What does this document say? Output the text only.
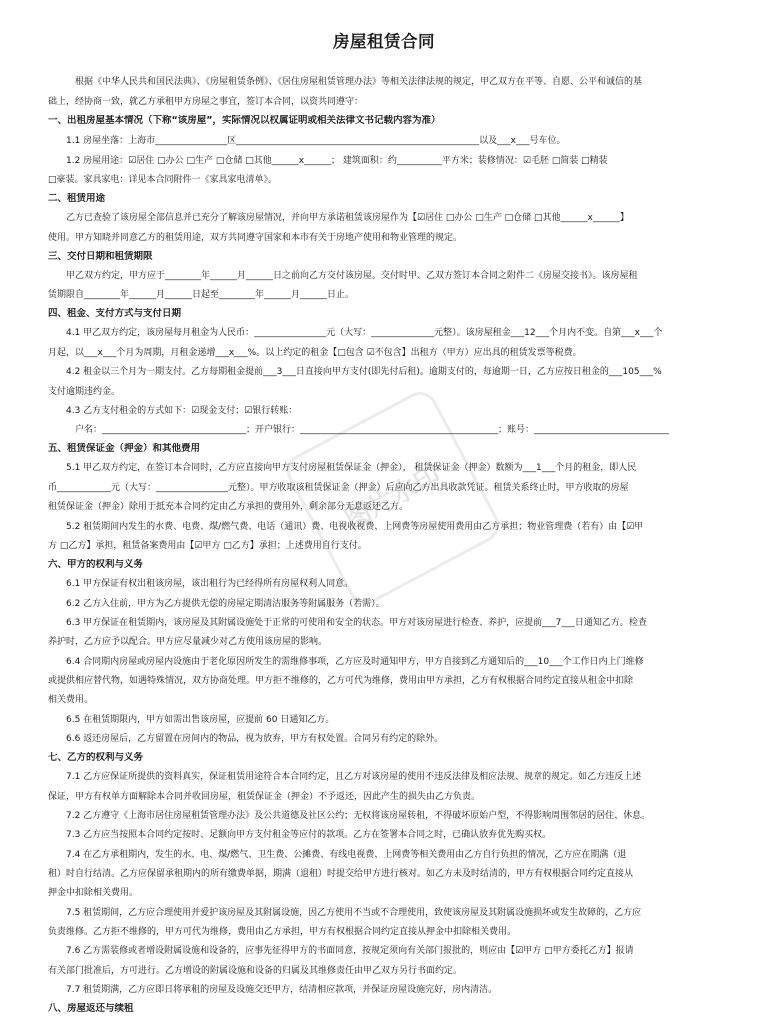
房屋租赁合同
图片水印
根据《中华人民共和国民法典》、《房屋租赁条例》、《居住房屋租赁管理办法》等相关法律法规的规定，甲乙双方在平等、自愿、公平和诚信的基
础上，经协商一致，就乙方承租甲方房屋之事宜，签订本合同，以资共同遵守：
一、出租房屋基本情况（下称“该房屋”，实际情况以权属证明或相关法律文书记载内容为准）
1.1 房屋坐落：上海市________________区______________________________________________________以及___x___号车位。
1.2 房屋用途：☑居住 □办公 □生产 □仓储 □其他______x______； 建筑面积：约__________平方米；装修情况：☑毛胚 □简装 □精装
□豪装。家具家电：详见本合同附件一《家具家电清单》。
二、租赁用途
乙方已查验了该房屋全部信息并已充分了解该房屋情况，并向甲方承诺租赁该房屋作为【☑居住 □办公 □生产 □仓储 □其他______x______】
使用。甲方知晓并同意乙方的租赁用途，双方共同遵守国家和本市有关于房地产使用和物业管理的规定。
三、交付日期和租赁期限
甲乙双方约定，甲方应于________年______月______日之前向乙方交付该房屋。交付时甲、乙双方签订本合同之附件二《房屋交接书》。该房屋租
赁期限自________年______月______日起至________年______月______日止。
四、租金、支付方式与支付日期
4.1 甲乙双方约定，该房屋每月租金为人民币：________________元（大写：______________元整）。该房屋租金___12___个月内不变。自第___x___个
月起，以___x___个月为周期，月租金递增___x___%。以上约定的租金【□包含 ☑不包含】出租方（甲方）应出具的租赁发票等税费。
4.2 租金以三个月为一期支付。乙方每期租金提前___3___日直接向甲方支付(即先付后租)。逾期支付的，每逾期一日，乙方应按日租金的___105___%
支付逾期违约金。
4.3 乙方支付租金的方式如下：☑现金支付；☑银行转账：
户名：________________________________；开户银行：____________________________________________；账号：______________________________
五、租赁保证金（押金）和其他费用
5.1 甲乙双方约定，在签订本合同时，乙方应直接向甲方支付房屋租赁保证金（押金）， 租赁保证金（押金）数额为___1___个月的租金，即人民
币____________元（大写：________________元整）。甲方收取该租赁保证金（押金）后应向乙方出具收款凭证。租赁关系终止时，甲方收取的房屋
租赁保证金（押金）除用于抵充本合同约定由乙方承担的费用外，剩余部分无息返还乙方。
5.2 租赁期间内发生的水费、电费、煤/燃气费、电话（通讯）费、电视收视费、上网费等房屋使用费用由乙方承担；物业管理费（若有）由【☑甲
方 □乙方】承担，租赁备案费用由【☑甲方 □乙方】承担；上述费用自行支付。
六、甲方的权利与义务
6.1 甲方保证有权出租该房屋，该出租行为已经得所有房屋权利人同意。
6.2 乙方入住前，甲方为乙方提供无偿的房屋定期清洁服务等附属服务（若需）。
6.3 甲方保证在租赁期内，该房屋及其附属设施处于正常的可使用和安全的状态。甲方对该房屋进行检查、养护，应提前___7___日通知乙方。检查
养护时，乙方应予以配合。甲方应尽量减少对乙方使用该房屋的影响。
6.4 合同期内房屋或房屋内设施由于老化原因所发生的需维修事项，乙方应及时通知甲方，甲方自接到乙方通知后的___10___个工作日内上门维修
或提供相应替代物，如遇特殊情况，双方协商处理。甲方拒不维修的，乙方可代为维修，费用由甲方承担，乙方有权根据合同约定直接从租金中扣除
相关费用。
6.5 在租赁期限内，甲方如需出售该房屋，应提前 60 日通知乙方。
6.6 返还房屋后，乙方留置在房间内的物品，视为放弃，甲方有权处置。合同另有约定的除外。
七、乙方的权利与义务
7.1 乙方应保证所提供的资料真实，保证租赁用途符合本合同约定，且乙方对该房屋的使用不违反法律及相应法规、规章的规定。如乙方违反上述
保证，甲方有权单方面解除本合同并收回房屋，租赁保证金（押金）不予返还，因此产生的损失由乙方负责。
7.2 乙方遵守《上海市居住房屋租赁管理办法》及公共道德及社区公约；无权将该房屋转租，不得破坏原始户型，不得影响周围邻居的居住、休息。
7.3 乙方应当按照本合同约定按时、足额向甲方支付租金等应付的款项。乙方在签署本合同之时，已确认放弃优先购买权。
7.4 在乙方承租期内，发生的水、电、煤/燃气、卫生费、公摊费、有线电视费、上网费等相关费用由乙方自行负担的情况，乙方应在期满（退
租）时自行结清。乙方应保留承租期内的所有缴费单据，期满（退租）时提交给甲方进行核对。如乙方未及时结清的，甲方有权根据合同约定直接从
押金中扣除相关费用。
7.5 租赁期间，乙方应合理使用并爱护该房屋及其附属设施，因乙方使用不当或不合理使用，致使该房屋及其附属设施损坏或发生故障的，乙方应
负责维修。乙方拒不维修的，甲方可代为维修，费用由乙方承担，甲方有权根据合同约定直接从押金中扣除相关费用。
7.6 乙方需装修或者增设附属设施和设备的，应事先征得甲方的书面同意，按规定须向有关部门报批的，则应由【☑甲方 □甲方委托乙方】报请
有关部门批准后，方可进行。乙方增设的附属设施和设备的归属及其维修责任由甲乙双方另行书面约定。
7.7 租赁期满，乙方应即日将承租的房屋及设施交还甲方，结清相应款项，并保证房屋设施完好，房内清洁。
八、房屋返还与续租
